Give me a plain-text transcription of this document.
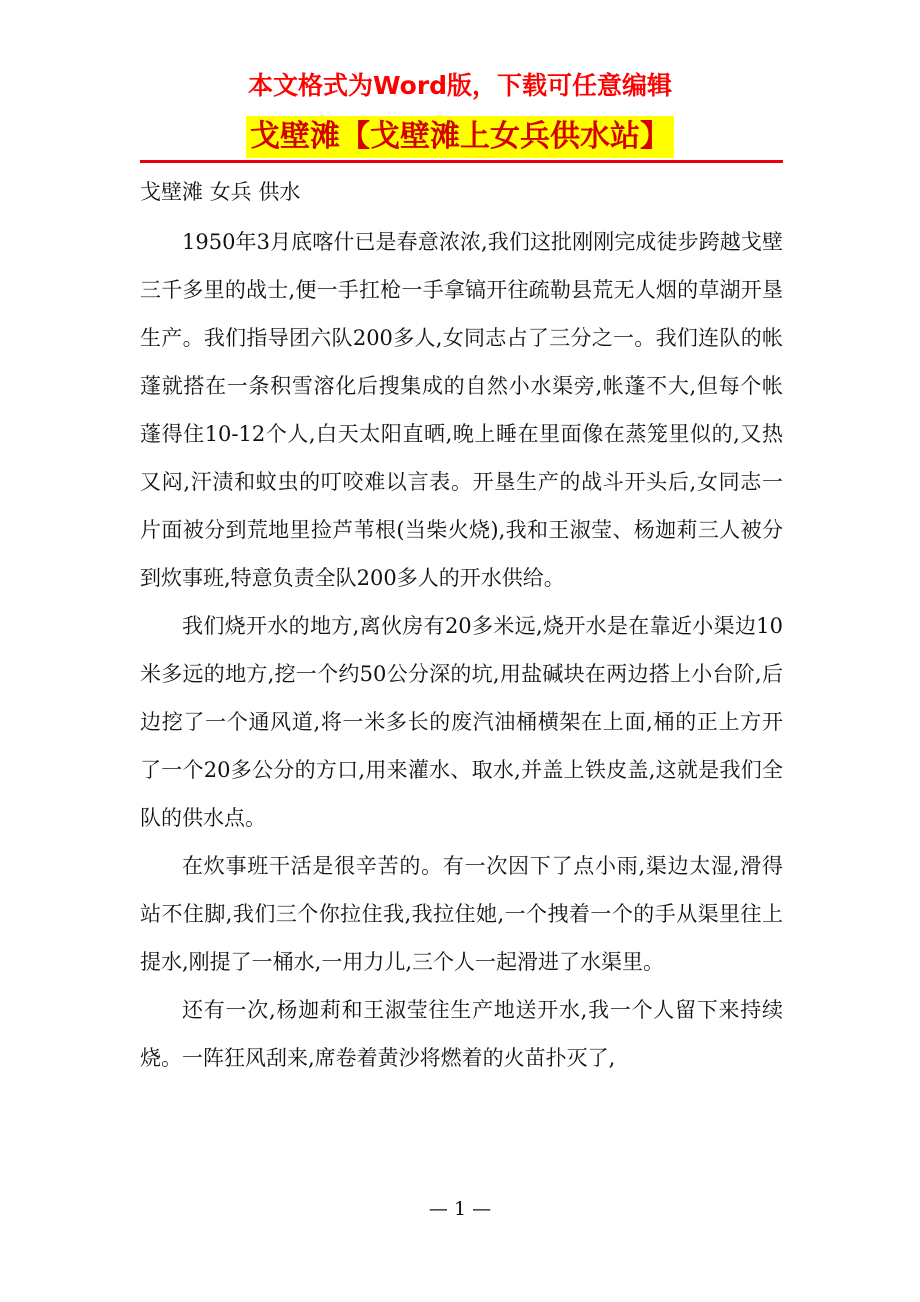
本文格式为Word版，下载可任意编辑
戈壁滩【戈壁滩上女兵供水站】
戈壁滩 女兵 供水

1950年3月底喀什已是春意浓浓,我们这批刚刚完成徒步跨越戈壁三千多里的战士,便一手扛枪一手拿镐开往疏勒县荒无人烟的草湖开垦生产。我们指导团六队200多人,女同志占了三分之一。我们连队的帐蓬就搭在一条积雪溶化后搜集成的自然小水渠旁,帐蓬不大,但每个帐蓬得住10-12个人,白天太阳直晒,晚上睡在里面像在蒸笼里似的,又热又闷,汗渍和蚊虫的叮咬难以言表。开垦生产的战斗开头后,女同志一片面被分到荒地里捡芦苇根(当柴火烧),我和王淑莹、杨迦莉三人被分到炊事班,特意负责全队200多人的开水供给。

我们烧开水的地方,离伙房有20多米远,烧开水是在靠近小渠边10米多远的地方,挖一个约50公分深的坑,用盐碱块在两边搭上小台阶,后边挖了一个通风道,将一米多长的废汽油桶横架在上面,桶的正上方开了一个20多公分的方口,用来灌水、取水,并盖上铁皮盖,这就是我们全队的供水点。

在炊事班干活是很辛苦的。有一次因下了点小雨,渠边太湿,滑得站不住脚,我们三个你拉住我,我拉住她,一个拽着一个的手从渠里往上提水,刚提了一桶水,一用力儿,三个人一起滑进了水渠里。

还有一次,杨迦莉和王淑莹往生产地送开水,我一个人留下来持续烧。一阵狂风刮来,席卷着黄沙将燃着的火苗扑灭了,

— 1 —
